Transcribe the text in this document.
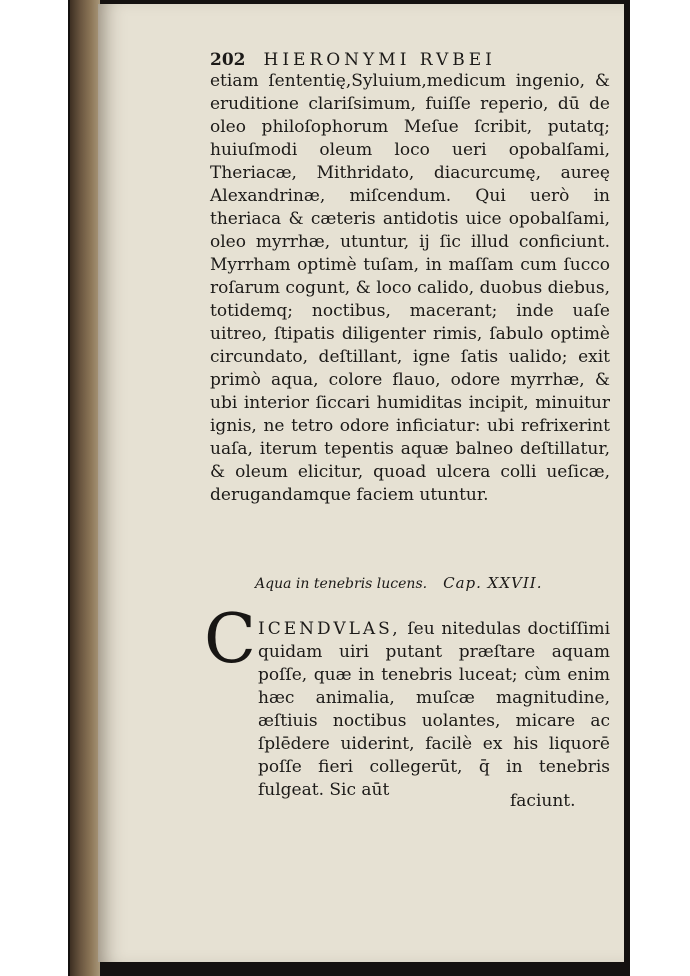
202 HIERONYMI RVBEI
etiam ſententię,Syluium,medicum ingenio, & eruditione clariſsimum, fuiſſe reperio, dū de oleo philoſophorum Meſue ſcribit, putatq; huiuſmodi oleum loco ueri opobalſami, Theriacæ, Mithridato, diacurcumę, aureę Alexandrinæ, miſcendum. Qui uerò in theriaca & cæteris antidotis uice opobalſami, oleo myrrhæ, utuntur, ij ſic illud conficiunt. Myrrham optimè tuſam, in maſſam cum ſucco roſarum cogunt, & loco calido, duobus diebus, totidemq; noctibus, macerant; inde uaſe uitreo, ſtipatis diligenter rimis, ſabulo optimè circundato, deſtillant, igne ſatis ualido; exit primò aqua, colore flauo, odore myrrhæ, & ubi interior ſiccari humiditas incipit, minuitur ignis, ne tetro odore inficiatur: ubi refrixerint uaſa, iterum tepentis aquæ balneo deſtillatur, & oleum elicitur, quoad ulcera colli ueſicæ, derugandamque faciem utuntur.
Aqua in tenebris lucens. Cap. XXVII.
C ICENDVLAS, ſeu nitedulas doctiſſimi quidam uiri putant præſtare aquam poſſe, quæ in tenebris luceat; cùm enim hæc animalia, muſcæ magnitudine, æſtiuis noctibus uolantes, micare ac ſplēdere uiderint, facilè ex his liquorē poſſe fieri collegerūt, q̄ in tenebris fulgeat. Sic aūt
faciunt.
